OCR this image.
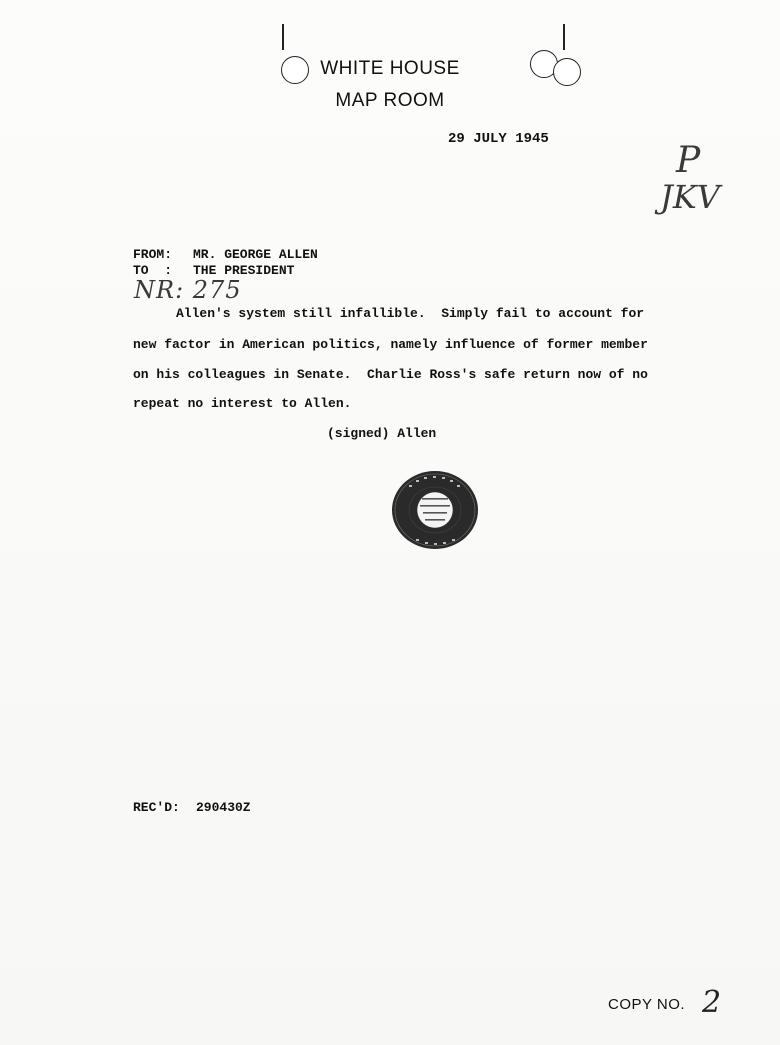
WHITE HOUSE
MAP ROOM
29 JULY 1945
P
JKV
FROM: MR. GEORGE ALLEN
TO  : THE PRESIDENT
NR: 275
Allen's system still infallible.  Simply fail to account for
new factor in American politics, namely influence of former member
on his colleagues in Senate.  Charlie Ross's safe return now of no
repeat no interest to Allen.
(signed) Allen
REC'D: 290430Z
COPY NO. 2
